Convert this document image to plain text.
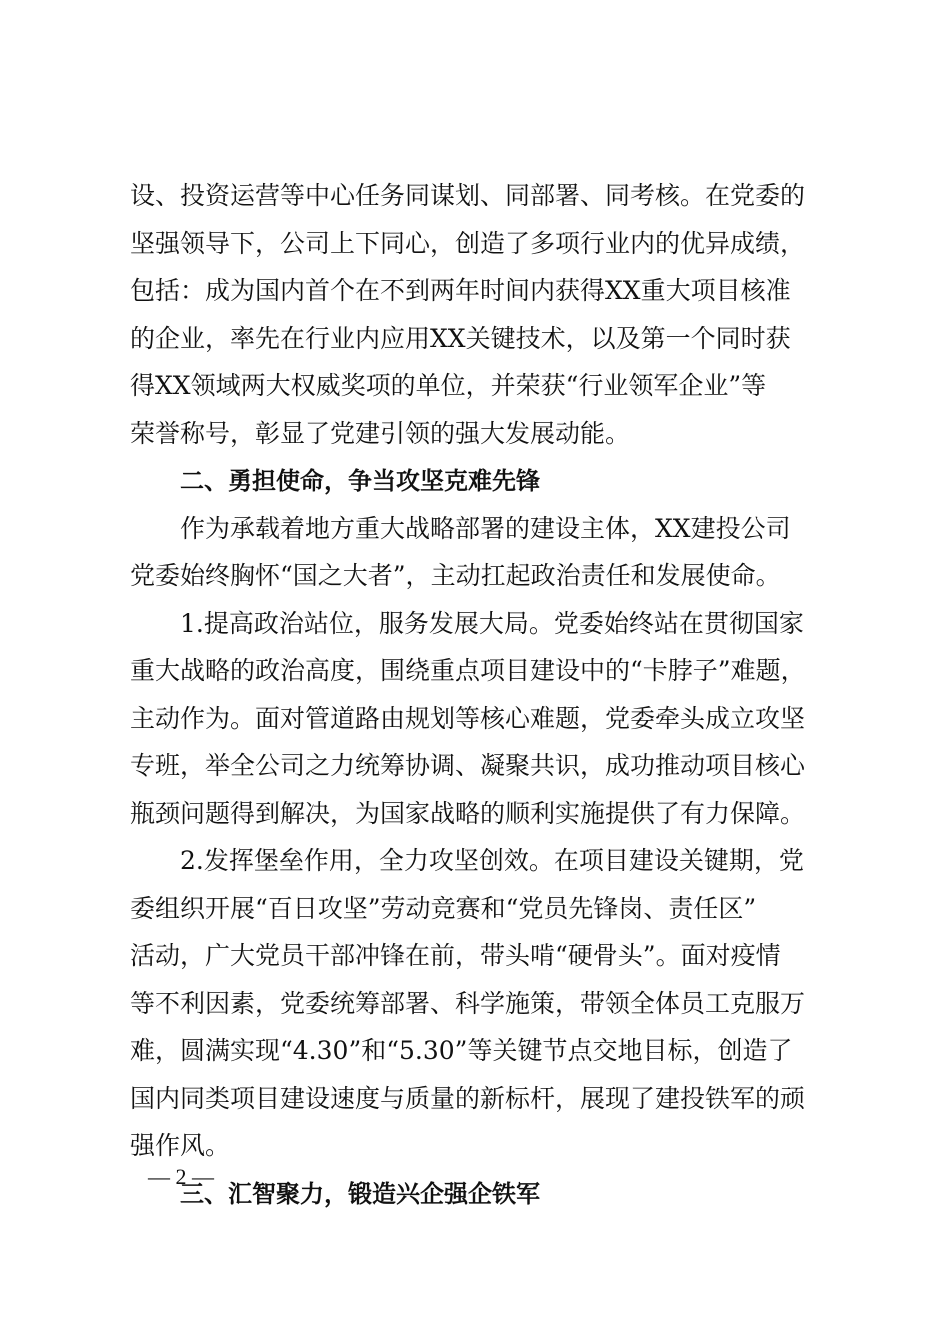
设、投资运营等中心任务同谋划、同部署、同考核。在党委的
坚强领导下，公司上下同心，创造了多项行业内的优异成绩，
包括：成为国内首个在不到两年时间内获得XX重大项目核准
的企业，率先在行业内应用XX关键技术，以及第一个同时获
得XX领域两大权威奖项的单位，并荣获“行业领军企业”等
荣誉称号，彰显了党建引领的强大发展动能。
二、勇担使命，争当攻坚克难先锋
作为承载着地方重大战略部署的建设主体，XX建投公司
党委始终胸怀“国之大者”，主动扛起政治责任和发展使命。
1.提高政治站位，服务发展大局。党委始终站在贯彻国家
重大战略的政治高度，围绕重点项目建设中的“卡脖子”难题，
主动作为。面对管道路由规划等核心难题，党委牵头成立攻坚
专班，举全公司之力统筹协调、凝聚共识，成功推动项目核心
瓶颈问题得到解决，为国家战略的顺利实施提供了有力保障。
2.发挥堡垒作用，全力攻坚创效。在项目建设关键期，党
委组织开展“百日攻坚”劳动竞赛和“党员先锋岗、责任区”
活动，广大党员干部冲锋在前，带头啃“硬骨头”。面对疫情
等不利因素，党委统筹部署、科学施策，带领全体员工克服万
难，圆满实现“4.30”和“5.30”等关键节点交地目标，创造了
国内同类项目建设速度与质量的新标杆，展现了建投铁军的顽
强作风。
三、汇智聚力，锻造兴企强企铁军
— 2 —
